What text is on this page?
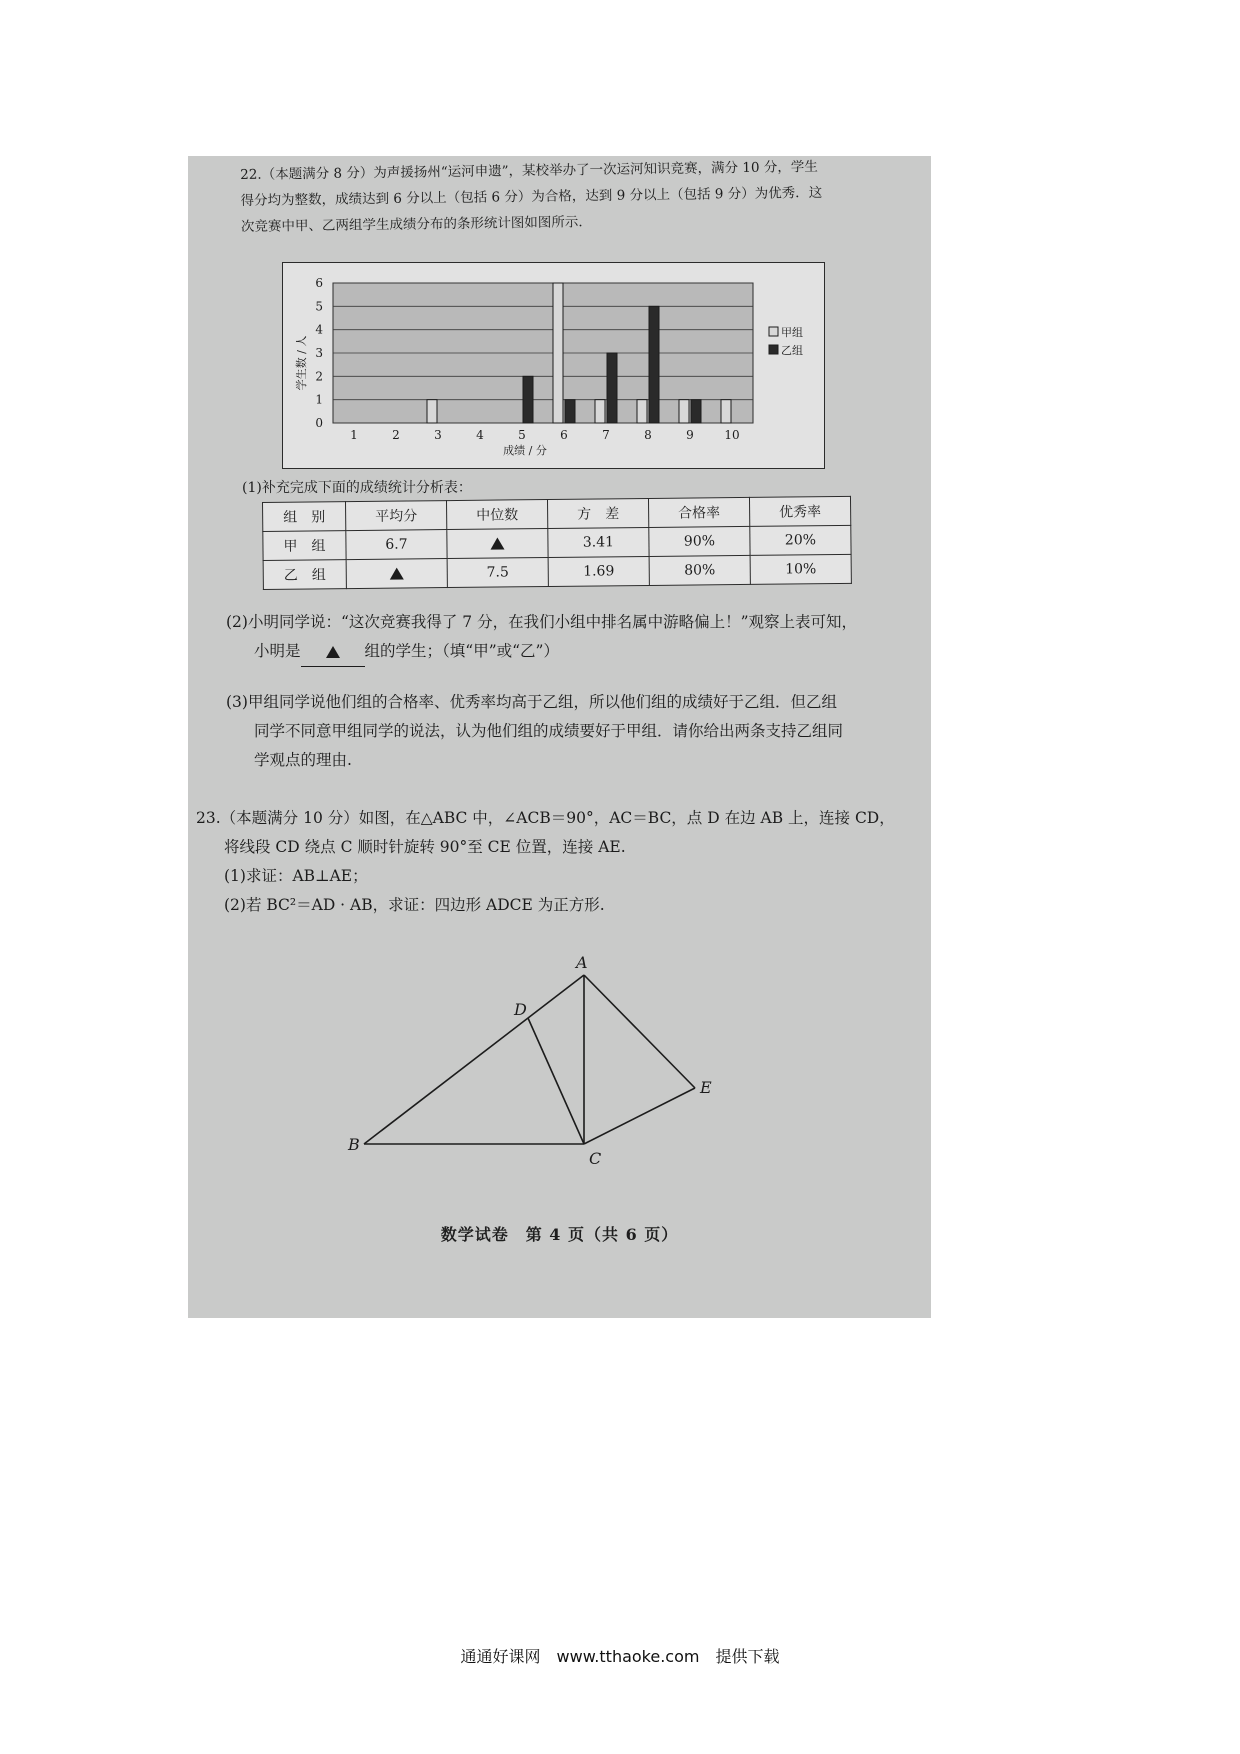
22.（本题满分 8 分）为声援扬州“运河申遗”，某校举办了一次运河知识竞赛，满分 10 分，学生

得分均为整数，成绩达到 6 分以上（包括 6 分）为合格，达到 9 分以上（包括 9 分）为优秀．这

次竞赛中甲、乙两组学生成绩分布的条形统计图如图所示.

0
1
2
3
4
5
6
1	2	3	4	5	6	7	8	9	10
学生数 / 人
成绩 / 分
甲组
乙组

(1)补充完成下面的成绩统计分析表：

组　别	平均分	中位数	方　差	合格率	优秀率
甲　组	6.7		3.41	90%	20%
乙　组		7.5	1.69	80%	10%

(2)小明同学说：“这次竞赛我得了 7 分，在我们小组中排名属中游略偏上！”观察上表可知，

小明是	组的学生；（填“甲”或“乙”）

(3)甲组同学说他们组的合格率、优秀率均高于乙组，所以他们组的成绩好于乙组．但乙组

同学不同意甲组同学的说法，认为他们组的成绩要好于甲组．请你给出两条支持乙组同

学观点的理由.

23.（本题满分 10 分）如图，在△ABC 中，∠ACB＝90°，AC＝BC，点 D 在边 AB 上，连接 CD，

将线段 CD 绕点 C 顺时针旋转 90°至 CE 位置，连接 AE.

(1)求证：AB⊥AE；

(2)若 BC²＝AD · AB，求证：四边形 ADCE 为正方形.

A
B
C
D
E
数学试卷　第 4 页（共 6 页）
通通好课网　www.tthaoke.com　提供下载
